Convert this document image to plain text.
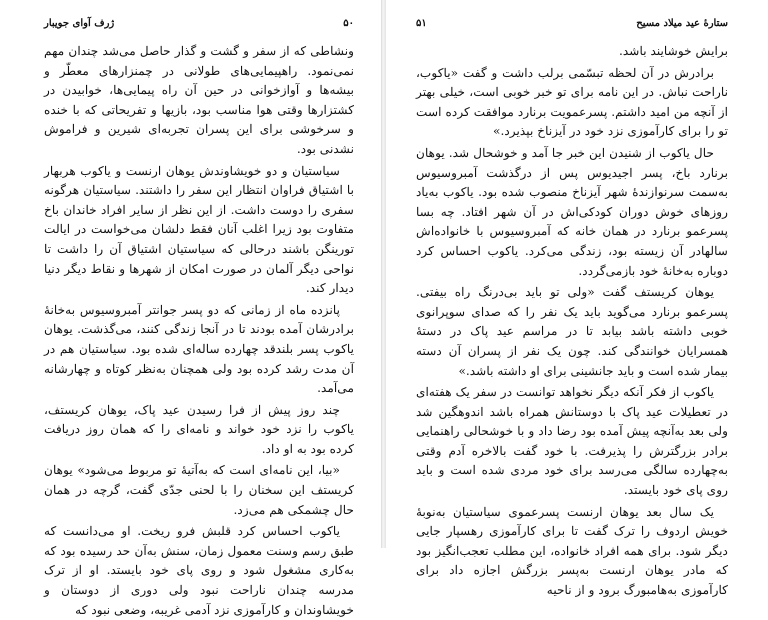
۵۰
ژرف آوای جویبار

ونشاطی که از سفر و گشت و گذار حاصل می‌شد چندان مهم نمی‌نمود. راهپیمایی‌های طولانی در چمنزارهای معطّر و بیشه‌ها و آوازخوانی در حین آن راه پیمایی‌ها، خوابیدن در کشتزارها وقتی هوا مناسب بود، بازیها و تفریحاتی که با خنده و سرخوشی برای این پسران تجربه‌ای شیرین و فراموش نشدنی بود.

سیاستیان و دو خویشاوندش یوهان ارنست و یاکوب هربهار با اشتیاق فراوان انتظار این سفر را داشتند. سیاستیان هرگونه سفری را دوست داشت. از این نظر از سایر افراد خاندان باخ متفاوت بود زیرا اغلب آنان فقط دلشان می‌خواست در ایالت تورینگن باشند درحالی که سیاستیان اشتیاق آن را داشت تا نواحی دیگر آلمان در صورت امکان از شهرها و نقاط دیگر دنیا دیدار کند.

پانزده ماه از زمانی که دو پسر جوانتر آمبروسیوس به‌خانهٔ برادرشان آمده بودند تا در آنجا زندگی کنند، می‌گذشت. یوهان یاکوب پسر بلندقد چهارده ساله‌ای شده بود. سیاستیان هم در آن مدت رشد کرده بود ولی همچنان به‌نظر کوتاه و چهارشانه می‌آمد.

چند روز پیش از فرا رسیدن عید پاک، یوهان کریستف، یاکوب را نزد خود خواند و نامه‌ای را که همان روز دریافت کرده بود به او داد.

«بیا، این نامه‌ای است که به‌آتیهٔ تو مربوط می‌شود» یوهان کریستف این سخنان را با لحنی جدّی گفت، گرچه در همان حال چشمکی هم می‌زد.

یاکوب احساس کرد قلبش فرو ریخت. او می‌دانست که طبق رسم وسنت معمول زمان، سنش به‌آن حد رسیده بود که به‌کاری مشغول شود و روی پای خود بایستد. او از ترک مدرسه چندان ناراحت نبود ولی دوری از دوستان و خویشاوندان و کارآموزی نزد آدمی غریبه، وضعی نبود که

ستارهٔ عید میلاد مسیح
۵۱

برایش خوشایند باشد.

برادرش در آن لحظه تبسّمی برلب داشت و گفت «یاکوب، ناراحت نباش. در این نامه برای تو خبر خوبی است، خیلی بهتر از آنچه من امید داشتم. پسرعمویت برنارد موافقت کرده است تو را برای کارآموزی نزد خود در آیزناخ بپذیرد.»

حال یاکوب از شنیدن این خبر جا آمد و خوشحال شد. یوهان برنارد باخ، پسر اجیدیوس پس از درگذشت آمبروسیوس به‌سمت سرنوازندهٔ شهر آیزناخ منصوب شده بود. یاکوب به‌یاد روزهای خوش دوران کودکی‌اش در آن شهر افتاد. چه بسا پسرعمو برنارد در همان خانه که آمبروسیوس با خانواده‌اش سالهادر آن زیسته بود، زندگی می‌کرد. یاکوب احساس کرد دوباره به‌خانهٔ خود بازمی‌گردد.

یوهان کریستف گفت «ولی تو باید بی‌درنگ راه بیفتی. پسرعمو برنارد می‌گوید باید یک نفر را که صدای سوپرانوی خوبی داشته باشد بیابد تا در مراسم عید پاک در دستهٔ همسرایان خوانندگی کند. چون یک نفر از پسران آن دسته بیمار شده است و باید جانشینی برای او داشته باشد.»

یاکوب از فکر آنکه دیگر نخواهد توانست در سفر یک هفته‌ای در تعطیلات عید پاک با دوستانش همراه باشد اندوهگین شد ولی بعد به‌آنچه پیش آمده بود رضا داد و با خوشحالی راهنمایی برادر بزرگترش را پذیرفت. با خود گفت بالاخره آدم وقتی به‌چهارده سالگی می‌رسد برای خود مردی شده است و باید روی پای خود بایستد.

یک سال بعد یوهان ارنست پسرعموی سیاستیان به‌نوبهٔ خویش اردوف را ترک گفت تا برای کارآموزی رهسپار جایی دیگر شود. برای همه افراد خانواده، این مطلب تعجب‌انگیز بود که مادر یوهان ارنست به‌پسر بزرگش اجازه داد برای کارآموزی به‌هامبورگ برود و از ناحیه
